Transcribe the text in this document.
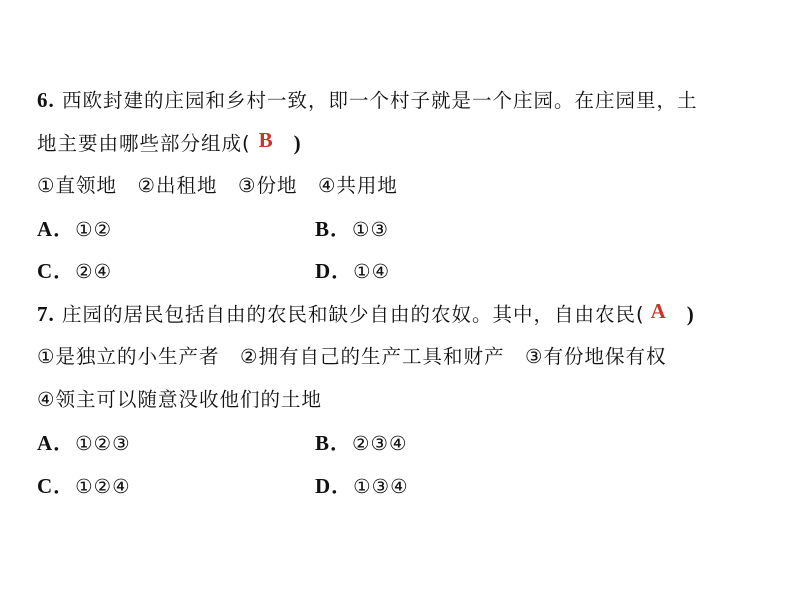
6. 西欧封建的庄园和乡村一致，即一个村子就是一个庄园。在庄园里，土
地主要由哪些部分组成( B )
①直领地　②出租地　③份地　④共用地
A．①②	B．①③
C．②④	D．①④
7. 庄园的居民包括自由的农民和缺少自由的农奴。其中，自由农民( A )
①是独立的小生产者　②拥有自己的生产工具和财产　③有份地保有权
④领主可以随意没收他们的土地
A．①②③	B．②③④
C．①②④	D．①③④
